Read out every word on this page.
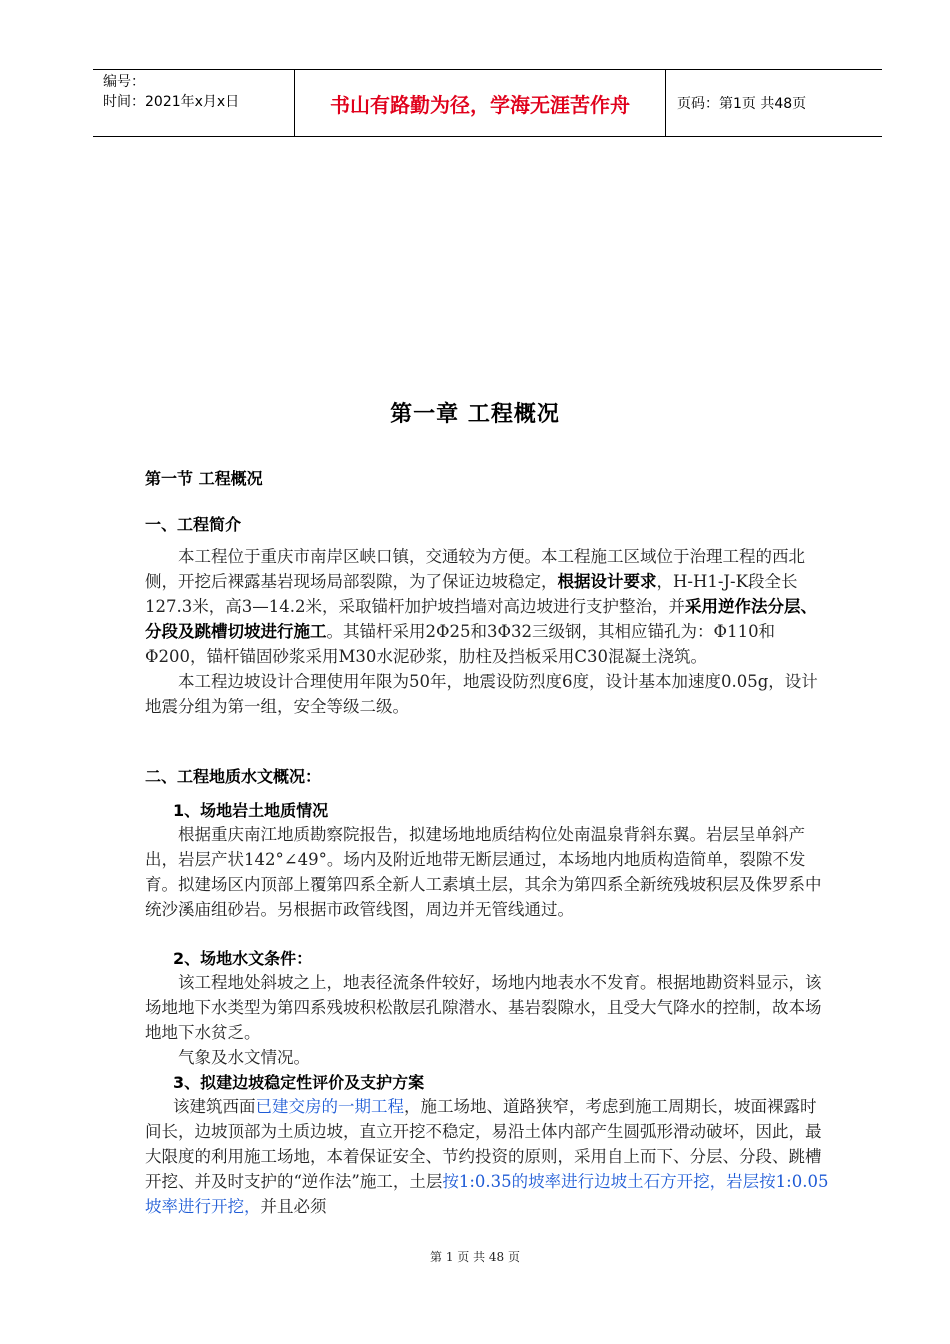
编号：
时间：2021年x月x日	书山有路勤为径，学海无涯苦作舟	页码：第1页 共48页
第一章 工程概况
第一节 工程概况
一、工程简介

本工程位于重庆市南岸区峡口镇，交通较为方便。本工程施工区域位于治理工程的西北侧，开挖后裸露基岩现场局部裂隙，为了保证边坡稳定，根据设计要求，H-H1-J-K段全长127.3米，高3—14.2米，采取锚杆加护坡挡墙对高边坡进行支护整治，并采用逆作法分层、分段及跳槽切坡进行施工。其锚杆采用2Φ25和3Φ32三级钢，其相应锚孔为：Φ110和Φ200，锚杆锚固砂浆采用M30水泥砂浆，肋柱及挡板采用C30混凝土浇筑。

本工程边坡设计合理使用年限为50年，地震设防烈度6度，设计基本加速度0.05g，设计地震分组为第一组，安全等级二级。

二、工程地质水文概况：
1、场地岩土地质情况

根据重庆南江地质勘察院报告，拟建场地地质结构位处南温泉背斜东翼。岩层呈单斜产出，岩层产状142°∠49°。场内及附近地带无断层通过，本场地内地质构造简单，裂隙不发育。拟建场区内顶部上覆第四系全新人工素填土层，其余为第四系全新统残坡积层及侏罗系中统沙溪庙组砂岩。另根据市政管线图，周边并无管线通过。

2、场地水文条件：

该工程地处斜坡之上，地表径流条件较好，场地内地表水不发育。根据地勘资料显示，该场地地下水类型为第四系残坡积松散层孔隙潜水、基岩裂隙水，且受大气降水的控制，故本场地地下水贫乏。

气象及水文情况。

3、拟建边坡稳定性评价及支护方案

该建筑西面已建交房的一期工程，施工场地、道路狭窄，考虑到施工周期长，坡面裸露时间长，边坡顶部为土质边坡，直立开挖不稳定，易沿土体内部产生圆弧形滑动破坏，因此，最大限度的利用施工场地，本着保证安全、节约投资的原则，采用自上而下、分层、分段、跳槽开挖、并及时支护的“逆作法”施工，土层按1:0.35的坡率进行边坡土石方开挖，岩层按1:0.05坡率进行开挖，并且必须

第 1 页 共 48 页
